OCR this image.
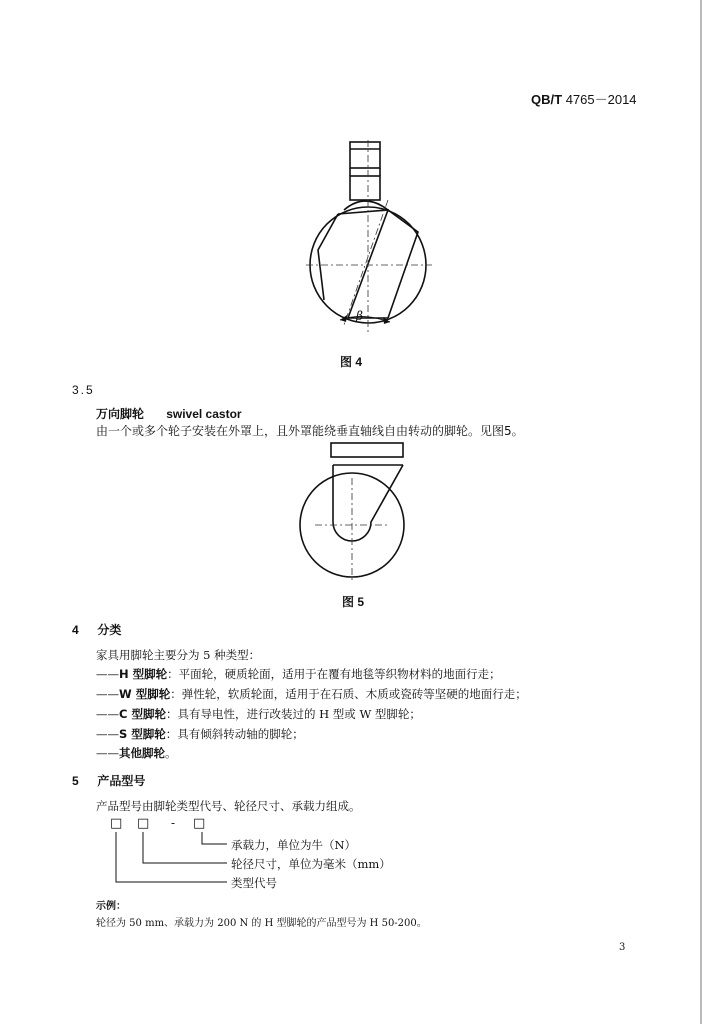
QB/T 4765－2014
β
图 4
3.5
万向脚轮 swivel castor
由一个或多个轮子安装在外罩上，且外罩能绕垂直轴线自由转动的脚轮。见图5。
图 5
4 分类
家具用脚轮主要分为 5 种类型：
——H 型脚轮：平面轮，硬质轮面，适用于在覆有地毯等织物材料的地面行走；
——W 型脚轮：弹性轮，软质轮面，适用于在石质、木质或瓷砖等坚硬的地面行走；
——C 型脚轮：具有导电性，进行改装过的 H 型或 W 型脚轮；
——S 型脚轮：具有倾斜转动轴的脚轮；
——其他脚轮。
5 产品型号
产品型号由脚轮类型代号、轮径尺寸、承载力组成。
□ □ - □
承载力，单位为牛（N）
轮径尺寸，单位为毫米（mm）
类型代号
示例：
轮径为 50 mm、承载力为 200 N 的 H 型脚轮的产品型号为 H 50-200。
3
